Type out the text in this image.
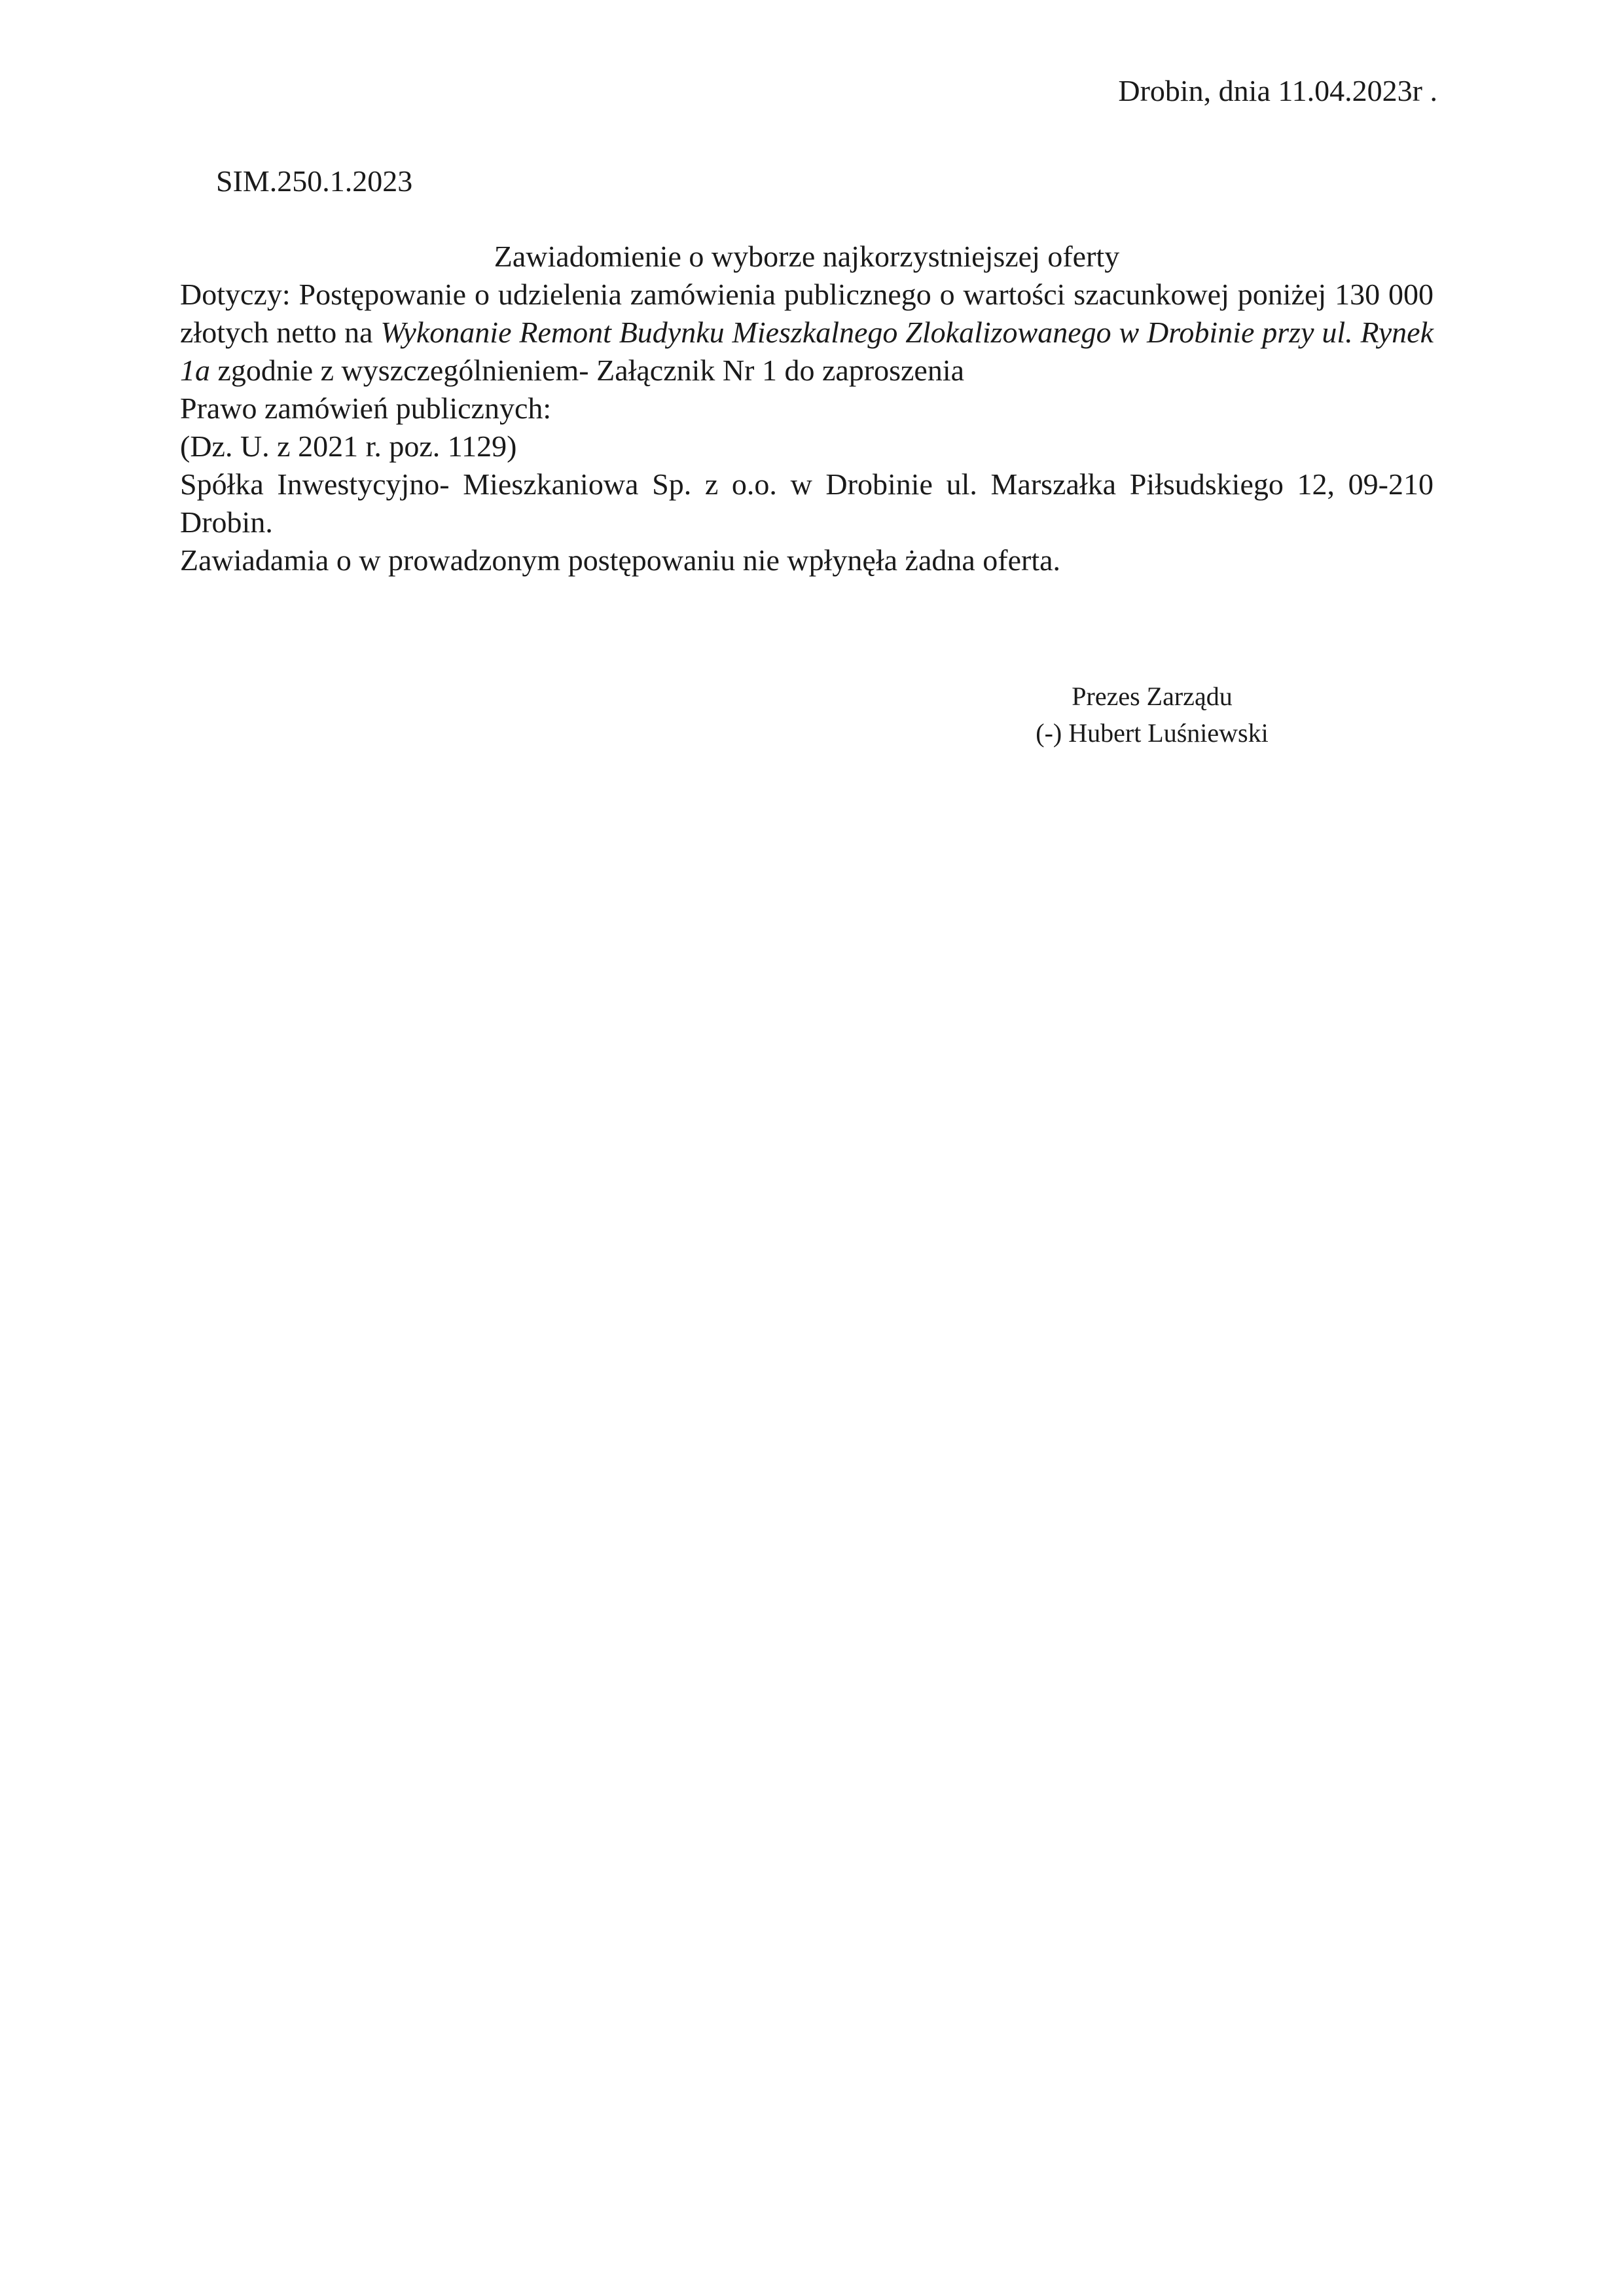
Drobin, dnia 11.04.2023r .
SIM.250.1.2023

Zawiadomienie o wyborze najkorzystniejszej oferty

Dotyczy: Postępowanie o udzielenia zamówienia publicznego o wartości szacunkowej poniżej 130 000 złotych netto na Wykonanie Remont Budynku Mieszkalnego Zlokalizowanego w Drobinie przy ul. Rynek 1a zgodnie z wyszczególnieniem- Załącznik Nr 1 do zaproszenia

Prawo zamówień publicznych:

(Dz. U. z 2021 r. poz. 1129)

Spółka Inwestycyjno- Mieszkaniowa Sp. z o.o. w Drobinie ul. Marszałka Piłsudskiego 12, 09-210 Drobin.

Zawiadamia o w prowadzonym postępowaniu nie wpłynęła żadna oferta.

Prezes Zarządu
(-) Hubert Luśniewski
